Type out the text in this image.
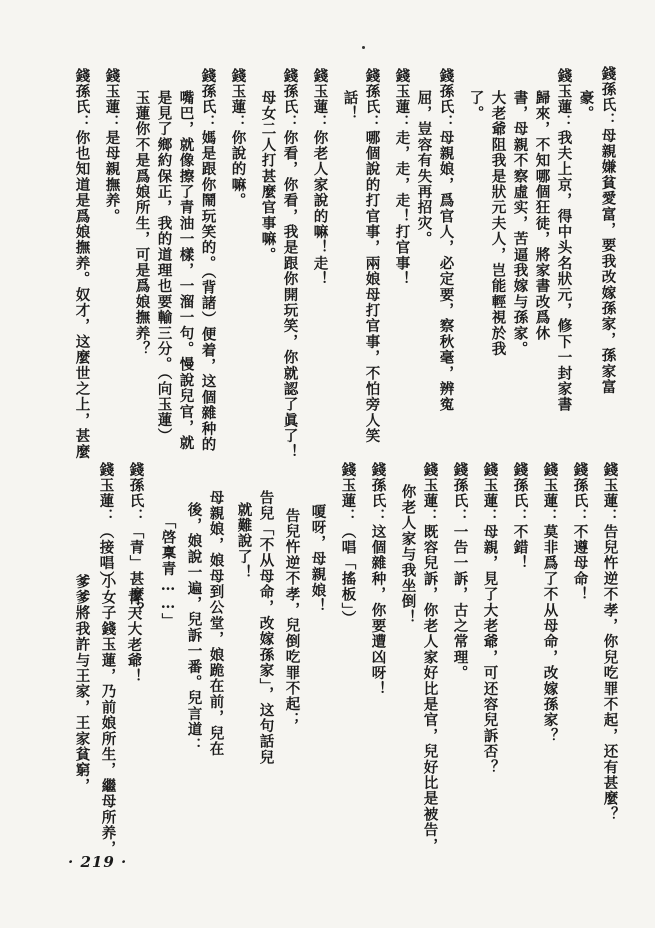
錢孫氏：母親嫌貧愛富，要我改嫁孫家，孫家富
豪。
錢玉蓮：我夫上京，得中头名狀元，修下一封家書
歸來，不知哪個狂徒，將家書改爲休
書，母親不察虛实，苦逼我嫁与孫家。
大老爺阻我是狀元夫人，岂能輕視於我
了。
錢孫氏：母親娘，爲官人，必定要，察秋毫，辨寃
屈，豈容有失再招灾。
錢玉蓮：走，走，走！打官事！
錢孫氏：哪個說的打官事，兩娘母打官事，不怕旁人笑
話！
錢玉蓮：你老人家說的嘛！走！
錢孫氏：你看，你看，我是跟你開玩笑，你就認了眞了！
母女二人打甚麼官事嘛。
錢玉蓮：你說的嘛。
錢孫氏：媽是跟你鬧玩笑的。（背諸）便着，这個雜种的
嘴巴，就像擦了青油一樣，一溜一句。慢說兒官，就
是見了鄉約保正，我的道理也要輸三分。（向玉蓮）
玉蓮你不是爲娘所生，可是爲娘撫养？
錢玉蓮：是母親撫养。
錢孫氏：你也知道是爲娘撫养。奴才，这麼世之上，甚麼
錢玉蓮：告兒忤逆不孝，你兒吃罪不起，还有甚麼？
錢孫氏：不遵母命！
錢玉蓮：莫非爲了不从母命，改嫁孫家？
錢孫氏：不錯！
錢玉蓮：母親，見了大老爺，可还容兒訴否？
錢孫氏：一告一訴，古之常理。
錢玉蓮：既容兒訴，你老人家好比是官，兒好比是被告，
你老人家与我坐倒！
錢孫氏：这個雜种，你要遭凶呀！
錢玉蓮：（唱「搖板」）
嗄呀，母親娘！
告兒忤逆不孝，兒倒吃罪不起；
告兒「不从母命，改嫁孫家」，这句話兒
就難說了！
母親娘，娘母到公堂，娘跪在前，兒在
後，娘說一遍，兒訴一番。兒言道：
「啓稟青……」
錢孫氏：「青」甚麼？
錢玉蓮：（接唱）
青天大老爺！
小女子錢玉蓮，乃前娘所生，繼母所养，
爹爹將我許与王家，王家貧窮，
· 219 ·
